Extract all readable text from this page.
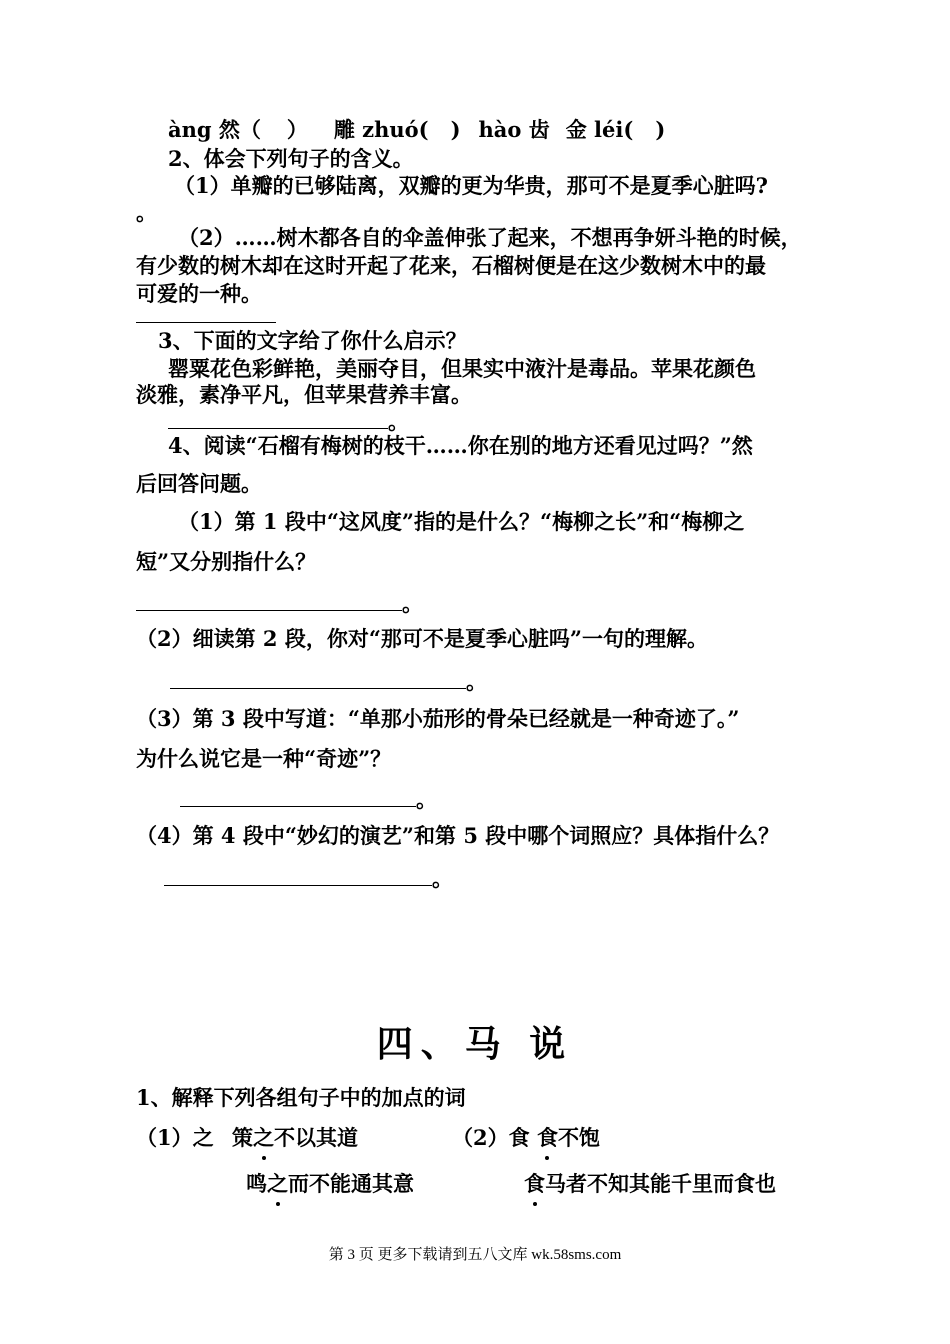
àng 然（ ） 雕 zhuó( ) hào 齿 金 léi( )
2、体会下列句子的含义。
（1）单瓣的已够陆离，双瓣的更为华贵，那可不是夏季心脏吗?
。
（2）……树木都各自的伞盖伸张了起来，不想再争妍斗艳的时候，
有少数的树木却在这时开起了花来，石榴树便是在这少数树木中的最
可爱的一种。
3、下面的文字给了你什么启示？
罂粟花色彩鲜艳，美丽夺目，但果实中液汁是毒品。苹果花颜色
淡雅，素净平凡，但苹果营养丰富。
。
4、阅读“石榴有梅树的枝干……你在别的地方还看见过吗？”然
后回答问题。
（1）第 1 段中“这风度”指的是什么？“梅柳之长”和“梅柳之
短”又分别指什么？
。
（2）细读第 2 段，你对“那可不是夏季心脏吗”一句的理解。
。
（3）第 3 段中写道：“单那小茄形的骨朵已经就是一种奇迹了。”
为什么说它是一种“奇迹”？
。
（4）第 4 段中“妙幻的演艺”和第 5 段中哪个词照应？具体指什么？
。
四、马 说
1、解释下列各组句子中的加点的词
（1）之 策之不以其道	（2）食 食不饱
鸣之而不能通其意	食马者不知其能千里而食也
第 3 页 更多下载请到五八文库 wk.58sms.com
